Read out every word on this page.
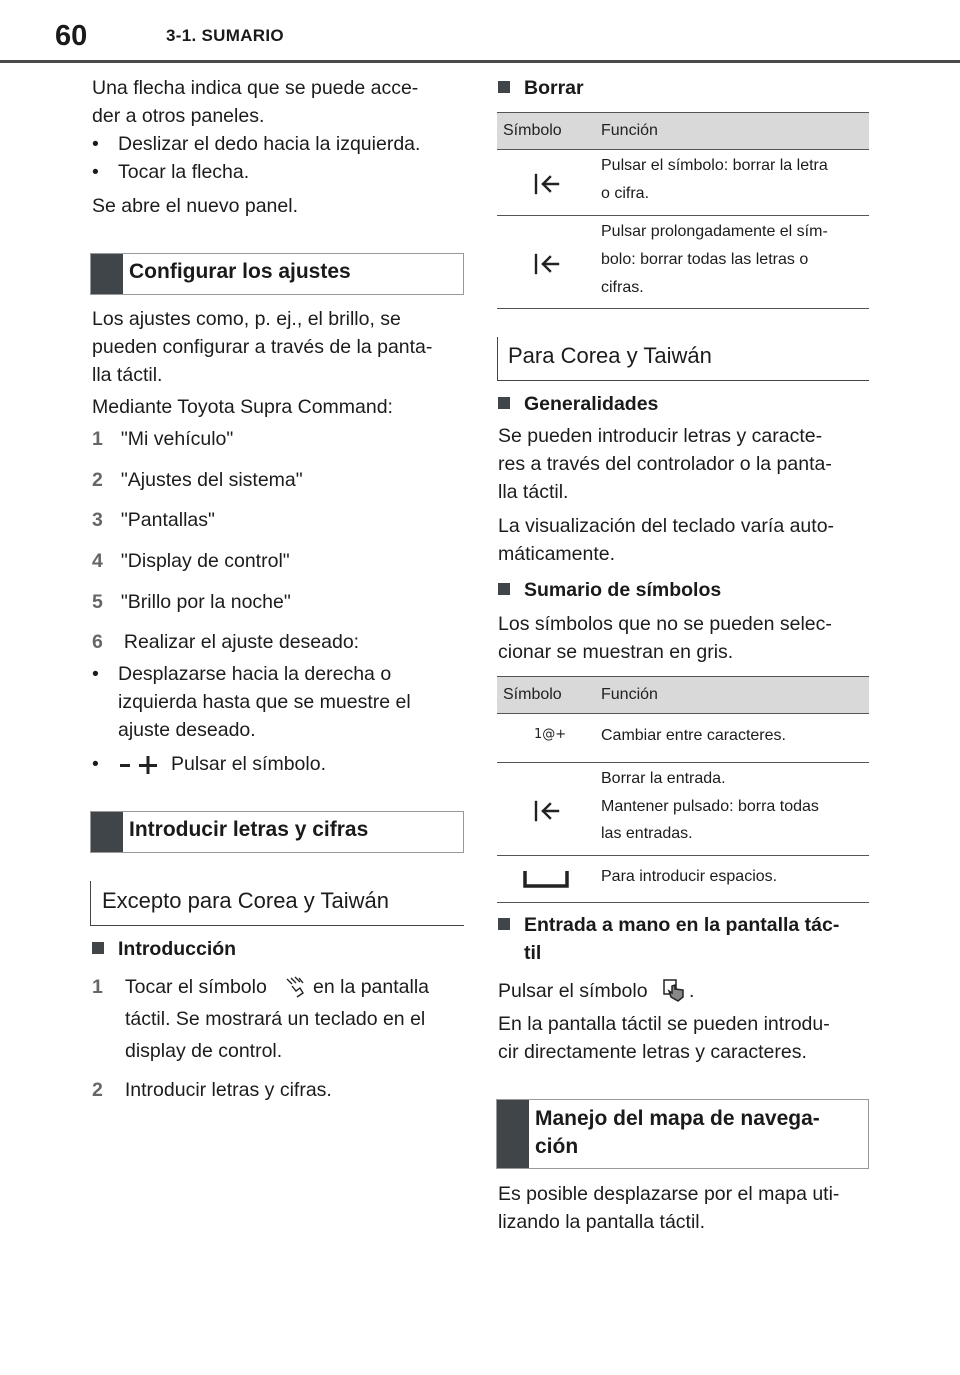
60	3-1. SUMARIO
Una flecha indica que se puede acce-
der a otros paneles.
• Deslizar el dedo hacia la izquierda.
• Tocar la flecha.
Se abre el nuevo panel.
Configurar los ajustes
Los ajustes como, p. ej., el brillo, se
pueden configurar a través de la panta-
lla táctil.
Mediante Toyota Supra Command:
1 "Mi vehículo"
2 "Ajustes del sistema"
3 "Pantallas"
4 "Display de control"
5 "Brillo por la noche"
6 Realizar el ajuste deseado:
• Desplazarse hacia la derecha o
izquierda hasta que se muestre el
ajuste deseado.
•	Pulsar el símbolo.
Introducir letras y cifras
Excepto para Corea y Taiwán
Introducción
1 Tocar el símbolo en la pantalla
táctil. Se mostrará un teclado en el
display de control.
2 Introducir letras y cifras.
Borrar
Símbolo Función
Pulsar el símbolo: borrar la letra
o cifra.
Pulsar prolongadamente el sím-
bolo: borrar todas las letras o
cifras.
Para Corea y Taiwán
Generalidades
Se pueden introducir letras y caracte-
res a través del controlador o la panta-
lla táctil.
La visualización del teclado varía auto-
máticamente.
Sumario de símbolos
Los símbolos que no se pueden selec-
cionar se muestran en gris.
Símbolo Función
1@+ Cambiar entre caracteres.
Borrar la entrada.
Mantener pulsado: borra todas
las entradas.
Para introducir espacios.
Entrada a mano en la pantalla tác-
til
Pulsar el símbolo .
En la pantalla táctil se pueden introdu-
cir directamente letras y caracteres.
Manejo del mapa de navega-
ción
Es posible desplazarse por el mapa uti-
lizando la pantalla táctil.
